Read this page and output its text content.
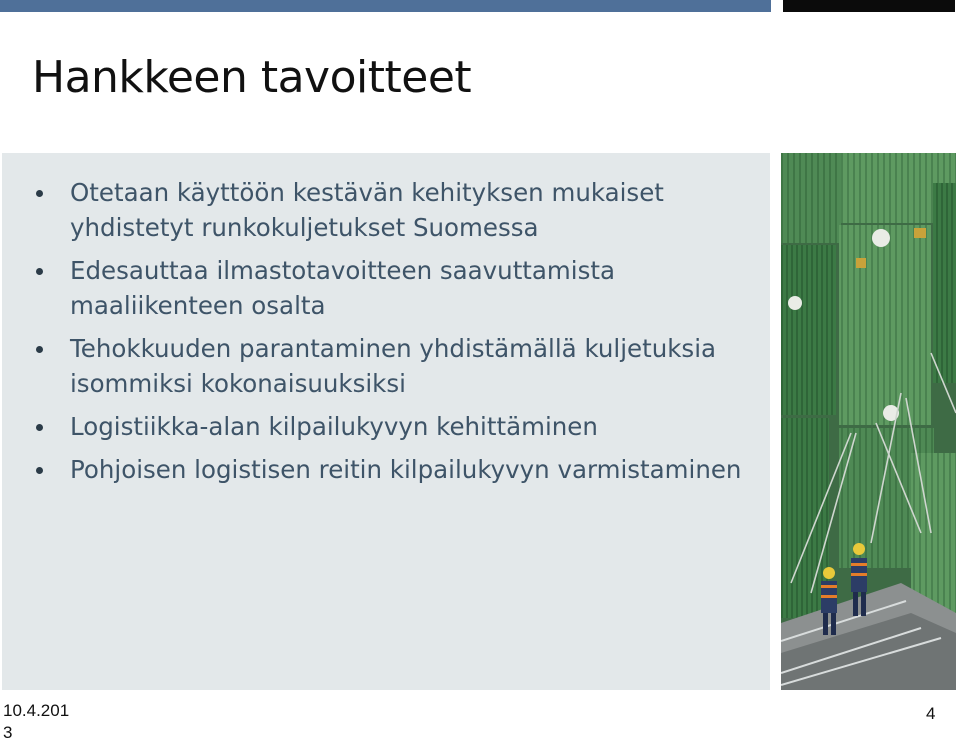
Hankkeen tavoitteet
Otetaan käyttöön kestävän kehityksen mukaiset yhdistetyt runkokuljetukset Suomessa
Edesauttaa ilmastotavoitteen saavuttamista maaliikenteen osalta
Tehokkuuden parantaminen yhdistämällä kuljetuksia isommiksi kokonaisuuksiksi
Logistiikka-alan kilpailukyvyn kehittäminen
Pohjoisen logistisen reitin kilpailukyvyn varmistaminen
10.4.2013
4
